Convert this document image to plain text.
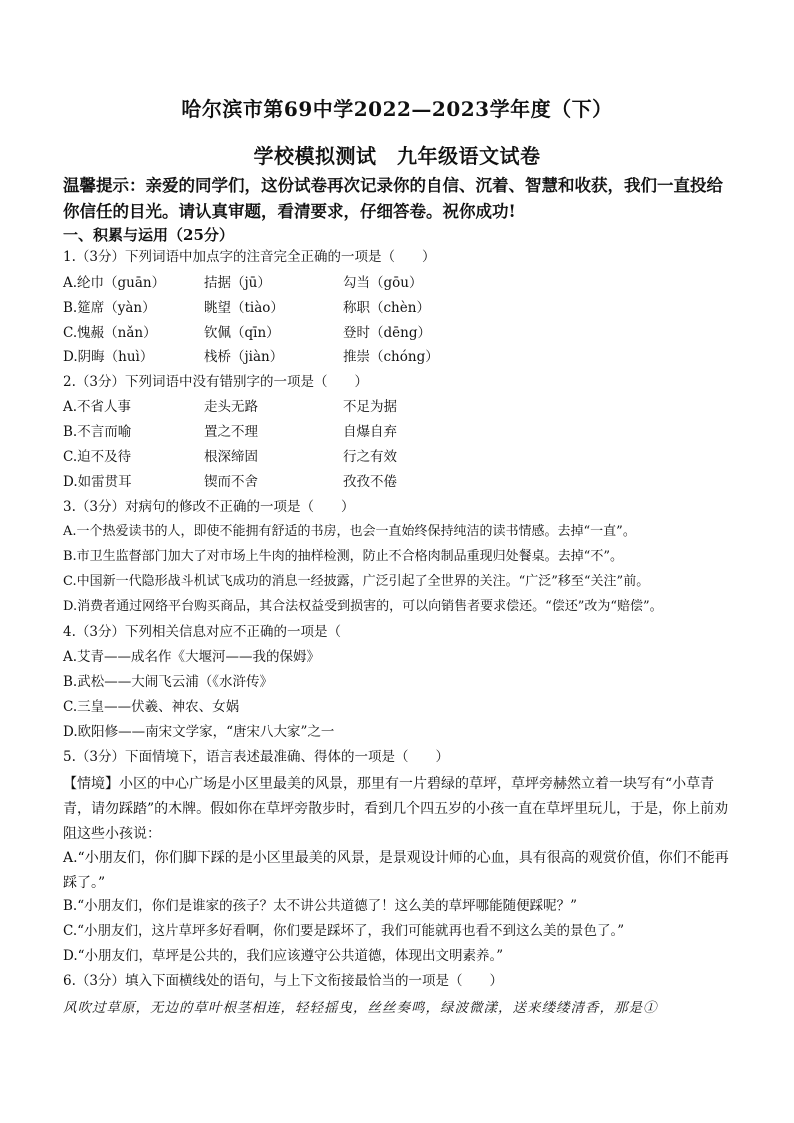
哈尔滨市第69中学2022—2023学年度（下）
学校模拟测试　九年级语文试卷
温馨提示：亲爱的同学们，这份试卷再次记录你的自信、沉着、智慧和收获，我们一直投给你信任的目光。请认真审题，看清要求，仔细答卷。祝你成功!
一、积累与运用（25分）
1.（3分）下列词语中加点字的注音完全正确的一项是（　　）
A.纶巾（guān）	拮据（jū）	勾当（gōu）
B.筵席（yàn）	眺望（tiào）	称职（chèn）
C.愧赧（nǎn）	钦佩（qīn）	登时（dēng）
D.阴晦（huì）	栈桥（jiàn）	推崇（chóng）
2.（3分）下列词语中没有错别字的一项是（　　）
A.不省人事	走头无路	不足为据
B.不言而喻	置之不理	自爆自弃
C.迫不及待	根深缔固	行之有效
D.如雷贯耳	锲而不舍	孜孜不倦
3.（3分）对病句的修改不正确的一项是（　　）
A.一个热爱读书的人，即使不能拥有舒适的书房，也会一直始终保持纯洁的读书情感。去掉“一直”。
B.市卫生监督部门加大了对市场上牛肉的抽样检测，防止不合格肉制品重现归处餐桌。去掉“不”。
C.中国新一代隐形战斗机试飞成功的消息一经披露，广泛引起了全世界的关注。“广泛”移至“关注”前。
D.消费者通过网络平台购买商品，其合法权益受到损害的，可以向销售者要求偿还。“偿还”改为“赔偿”。
4.（3分）下列相关信息对应不正确的一项是（
A.艾青——成名作《大堰河——我的保姆》
B.武松——大闹飞云浦（《水浒传》
C.三皇——伏羲、神农、女娲
D.欧阳修——南宋文学家，“唐宋八大家”之一
5.（3分）下面情境下，语言表述最准确、得体的一项是（　　）
【情境】小区的中心广场是小区里最美的风景，那里有一片碧绿的草坪，草坪旁赫然立着一块写有“小草青青，请勿踩踏”的木牌。假如你在草坪旁散步时，看到几个四五岁的小孩一直在草坪里玩儿，于是，你上前劝阻这些小孩说：
A.“小朋友们，你们脚下踩的是小区里最美的风景，是景观设计师的心血，具有很高的观赏价值，你们不能再踩了。”
B.“小朋友们，你们是谁家的孩子？太不讲公共道德了！这么美的草坪哪能随便踩呢？”
C.“小朋友们，这片草坪多好看啊，你们要是踩坏了，我们可能就再也看不到这么美的景色了。”
D.“小朋友们，草坪是公共的，我们应该遵守公共道德，体现出文明素养。”
6.（3分）填入下面横线处的语句，与上下文衔接最恰当的一项是（　　）
风吹过草原，无边的草叶根茎相连，轻轻摇曳，丝丝奏鸣，绿波微漾，送来缕缕清香，那是①
